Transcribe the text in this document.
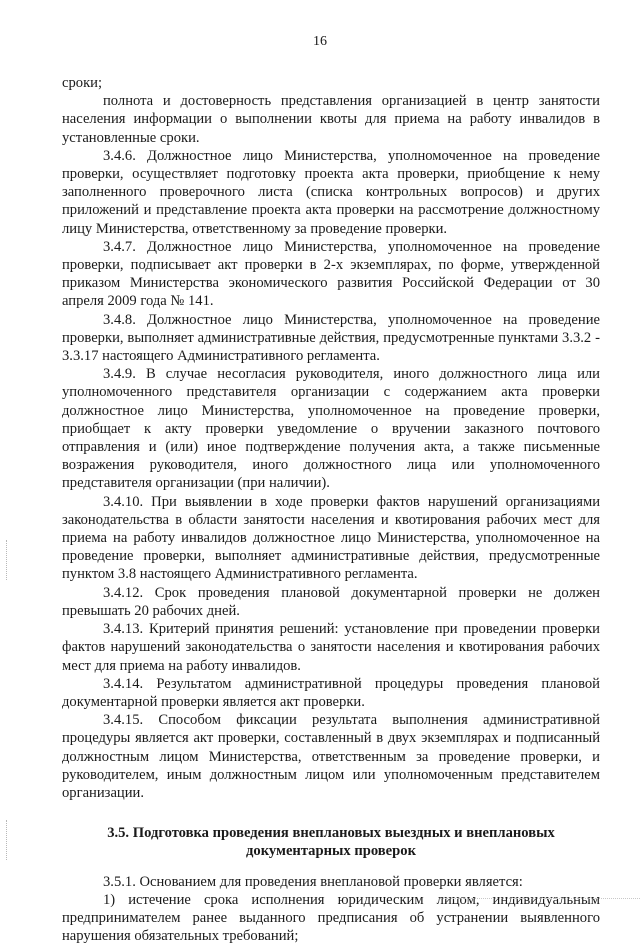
16

сроки;

полнота и достоверность представления организацией в центр занятости населения информации о выполнении квоты для приема на работу инвалидов в установленные сроки.

3.4.6. Должностное лицо Министерства, уполномоченное на проведение проверки, осуществляет подготовку проекта акта проверки, приобщение к нему заполненного проверочного листа (списка контрольных вопросов) и других приложений и представление проекта акта проверки на рассмотрение должностному лицу Министерства, ответственному за проведение проверки.

3.4.7. Должностное лицо Министерства, уполномоченное на проведение проверки, подписывает акт проверки в 2-х экземплярах, по форме, утвержденной приказом Министерства экономического развития Российской Федерации от 30 апреля 2009 года № 141.

3.4.8. Должностное лицо Министерства, уполномоченное на проведение проверки, выполняет административные действия, предусмотренные пунктами 3.3.2 - 3.3.17 настоящего Административного регламента.

3.4.9. В случае несогласия руководителя, иного должностного лица или уполномоченного представителя организации с содержанием акта проверки должностное лицо Министерства, уполномоченное на проведение проверки, приобщает к акту проверки уведомление о вручении заказного почтового отправления и (или) иное подтверждение получения акта, а также письменные возражения руководителя, иного должностного лица или уполномоченного представителя организации (при наличии).

3.4.10. При выявлении в ходе проверки фактов нарушений организациями законодательства в области занятости населения и квотирования рабочих мест для приема на работу инвалидов должностное лицо Министерства, уполномоченное на проведение проверки, выполняет административные действия, предусмотренные пунктом 3.8 настоящего Административного регламента.

3.4.12. Срок проведения плановой документарной проверки не должен превышать 20 рабочих дней.

3.4.13. Критерий принятия решений: установление при проведении проверки фактов нарушений законодательства о занятости населения и квотирования рабочих мест для приема на работу инвалидов.

3.4.14. Результатом административной процедуры проведения плановой документарной проверки является акт проверки.

3.4.15. Способом фиксации результата выполнения административной процедуры является акт проверки, составленный в двух экземплярах и подписанный должностным лицом Министерства, ответственным за проведение проверки, и руководителем, иным должностным лицом или уполномоченным представителем организации.

3.5. Подготовка проведения внеплановых выездных и внеплановых документарных проверок

3.5.1. Основанием для проведения внеплановой проверки является:

1) истечение срока исполнения юридическим лицом, индивидуальным предпринимателем ранее выданного предписания об устранении выявленного нарушения обязательных требований;
